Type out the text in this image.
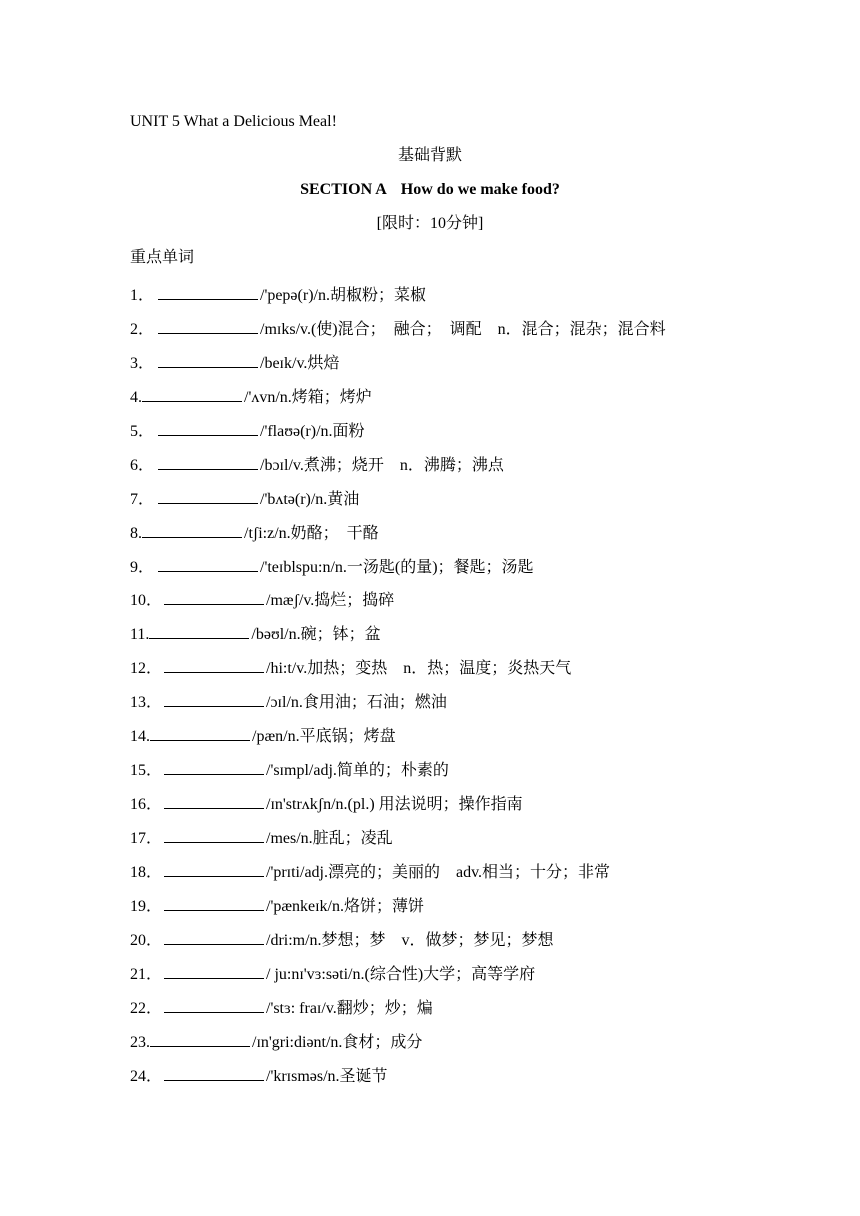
UNIT 5 What a Delicious Meal!
基础背默
SECTION A How do we make food?
[限时：10分钟]
重点单词
1．	/'pepə(r)/n.胡椒粉；菜椒
2．	/mɪks/v.(使)混合；　融合；　调配　n．混合；混杂；混合料
3．	/beɪk/v.烘焙
4.	/'ʌvn/n.烤箱；烤炉
5．	/'flaʊə(r)/n.面粉
6．	/bɔɪl/v.煮沸；烧开　n．沸腾；沸点
7．	/'bʌtə(r)/n.黄油
8.	/tʃi:z/n.奶酪；　干酪
9．	/'teɪblspu:n/n.一汤匙(的量)；餐匙；汤匙
10．	/mæʃ/v.捣烂；捣碎
11.	/bəʊl/n.碗；钵；盆
12．	/hi:t/v.加热；变热　n．热；温度；炎热天气
13．	/ɔɪl/n.食用油；石油；燃油
14.	/pæn/n.平底锅；烤盘
15．	/'sɪmpl/adj.简单的；朴素的
16．	/ɪn'strʌkʃn/n.(pl.) 用法说明；操作指南
17．	/mes/n.脏乱；凌乱
18．	/'prɪti/adj.漂亮的；美丽的　adv.相当；十分；非常
19．	/'pænkeɪk/n.烙饼；薄饼
20．	/dri:m/n.梦想；梦　v．做梦；梦见；梦想
21．	/ ju:nɪ'vɜ:səti/n.(综合性)大学；高等学府
22．	/'stɜ: fraɪ/v.翻炒；炒；煸
23.	/ɪn'gri:diənt/n.食材；成分
24．	/'krɪsməs/n.圣诞节
